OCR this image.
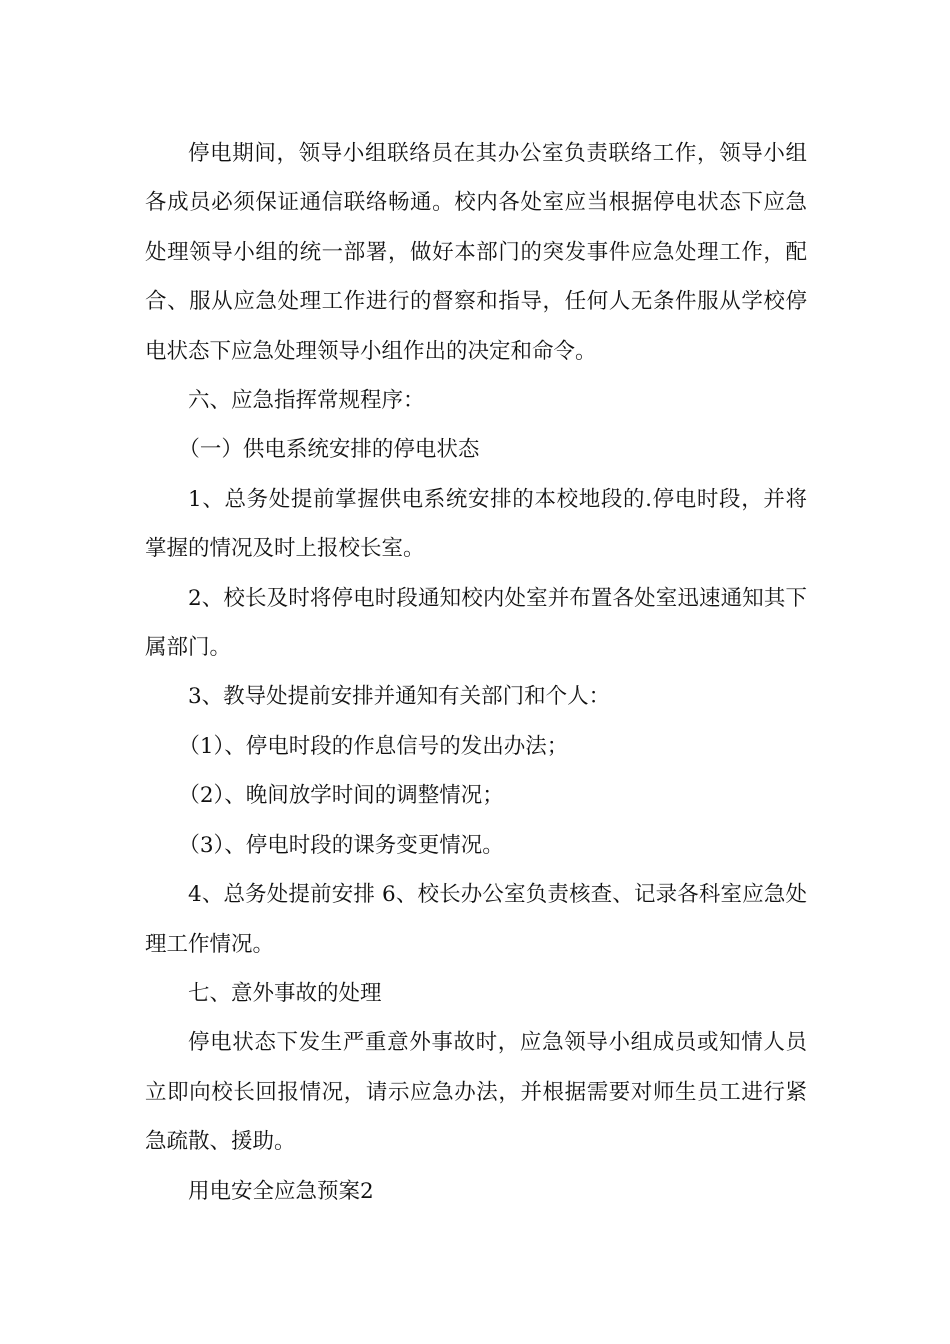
停电期间，领导小组联络员在其办公室负责联络工作，领导小组各成员必须保证通信联络畅通。校内各处室应当根据停电状态下应急处理领导小组的统一部署，做好本部门的突发事件应急处理工作，配合、服从应急处理工作进行的督察和指导，任何人无条件服从学校停电状态下应急处理领导小组作出的决定和命令。

六、应急指挥常规程序：

（一）供电系统安排的停电状态

1、总务处提前掌握供电系统安排的本校地段的.停电时段，并将掌握的情况及时上报校长室。

2、校长及时将停电时段通知校内处室并布置各处室迅速通知其下属部门。

3、教导处提前安排并通知有关部门和个人：

（1）、停电时段的作息信号的发出办法；

（2）、晚间放学时间的调整情况；

（3）、停电时段的课务变更情况。

4、总务处提前安排 6、校长办公室负责核查、记录各科室应急处理工作情况。

七、意外事故的处理

停电状态下发生严重意外事故时，应急领导小组成员或知情人员立即向校长回报情况，请示应急办法，并根据需要对师生员工进行紧急疏散、援助。

用电安全应急预案2
